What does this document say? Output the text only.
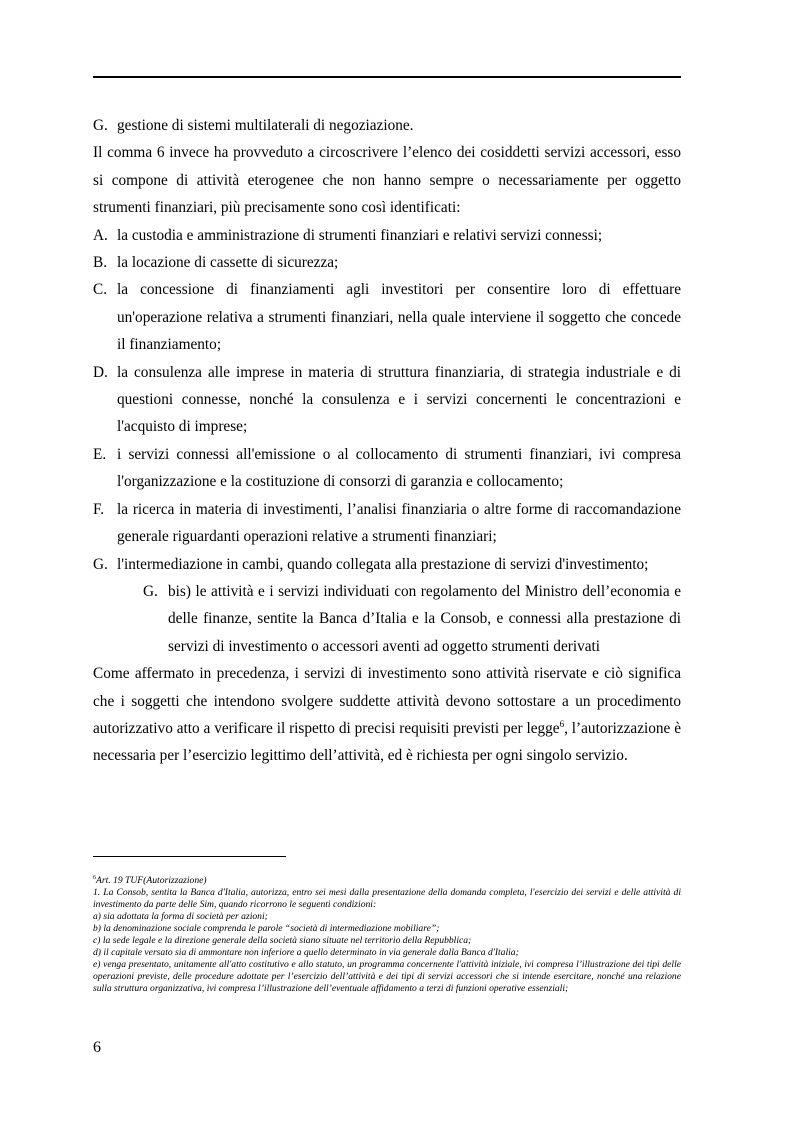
G. gestione di sistemi multilaterali di negoziazione.

Il comma 6 invece ha provveduto a circoscrivere l’elenco dei cosiddetti servizi accessori, esso si compone di attività eterogenee che non hanno sempre o necessariamente per oggetto strumenti finanziari, più precisamente sono così identificati:

A. la custodia e amministrazione di strumenti finanziari e relativi servizi connessi;
B. la locazione di cassette di sicurezza;
C. la concessione di finanziamenti agli investitori per consentire loro di effettuare un'operazione relativa a strumenti finanziari, nella quale interviene il soggetto che concede il finanziamento;
D. la consulenza alle imprese in materia di struttura finanziaria, di strategia industriale e di questioni connesse, nonché la consulenza e i servizi concernenti le concentrazioni e l'acquisto di imprese;
E. i servizi connessi all'emissione o al collocamento di strumenti finanziari, ivi compresa l'organizzazione e la costituzione di consorzi di garanzia e collocamento;
F. la ricerca in materia di investimenti, l’analisi finanziaria o altre forme di raccomandazione generale riguardanti operazioni relative a strumenti finanziari;
G. l'intermediazione in cambi, quando collegata alla prestazione di servizi d'investimento;
G. bis) le attività e i servizi individuati con regolamento del Ministro dell’economia e delle finanze, sentite la Banca d’Italia e la Consob, e connessi alla prestazione di servizi di investimento o accessori aventi ad oggetto strumenti derivati

Come affermato in precedenza, i servizi di investimento sono attività riservate e ciò significa che i soggetti che intendono svolgere suddette attività devono sottostare a un procedimento autorizzativo atto a verificare il rispetto di precisi requisiti previsti per legge$^6$, l’autorizzazione è necessaria per l’esercizio legittimo dell’attività, ed è richiesta per ogni singolo servizio.

$^6$Art. 19 TUF(Autorizzazione)

1. La Consob, sentita la Banca d'Italia, autorizza, entro sei mesi dalla presentazione della domanda completa, l'esercizio dei servizi e delle attività di investimento da parte delle Sim, quando ricorrono le seguenti condizioni:

a) sia adottata la forma di società per azioni;

b) la denominazione sociale comprenda le parole “società di intermediazione mobiliare”;

c) la sede legale e la direzione generale della società siano situate nel territorio della Repubblica;

d) il capitale versato sia di ammontare non inferiore a quello determinato in via generale dalla Banca d'Italia;

e) venga presentato, unitamente all'atto costitutivo e allo statuto, un programma concernente l'attività iniziale, ivi compresa l’illustrazione dei tipi delle operazioni previste, delle procedure adottate per l’esercizio dell’attività e dei tipi di servizi accessori che si intende esercitare, nonché una relazione sulla struttura organizzativa, ivi compresa l’illustrazione dell’eventuale affidamento a terzi di funzioni operative essenziali;

6
